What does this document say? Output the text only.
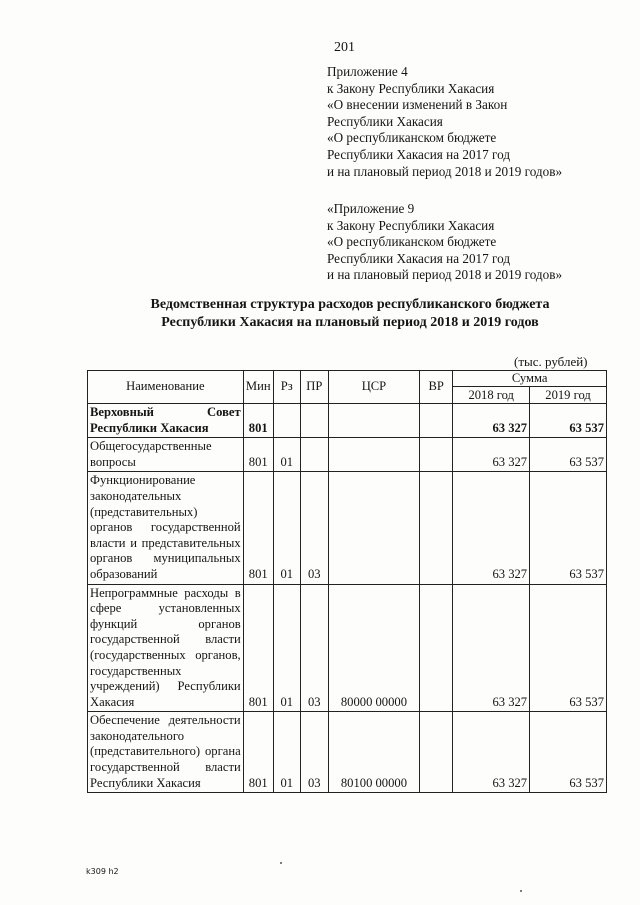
201
Приложение 4
к Закону Республики Хакасия
«О внесении изменений в Закон
Республики Хакасия
«О республиканском бюджете
Республики Хакасия на 2017 год
и на плановый период 2018 и 2019 годов»
«Приложение 9
к Закону Республики Хакасия
«О республиканском бюджете
Республики Хакасия на 2017 год
и на плановый период 2018 и 2019 годов»
Ведомственная структура расходов республиканского бюджета
Республики Хакасия на плановый период 2018 и 2019 годов
(тыс. рублей)
Наименование	Мин	Рз	ПР	ЦСР	ВР	Сумма	
						2018 год	2019 год
Верховный Совет Республики Хакасия	801					63 327	63 537
Общегосударственные вопросы	801	01				63 327	63 537
Функционирование законодательных (представительных) органов государственной власти и представительных органов муниципальных образований	801	01	03			63 327	63 537
Непрограммные расходы в сфере установленных функций органов государственной власти (государственных органов, государственных учреждений) Республики Хакасия	801	01	03	80000 00000		63 327	63 537
Обеспечение деятельности законодательного (представительного) органа государственной власти Республики Хакасия	801	01	03	80100 00000		63 327	63 537
k309 h2
